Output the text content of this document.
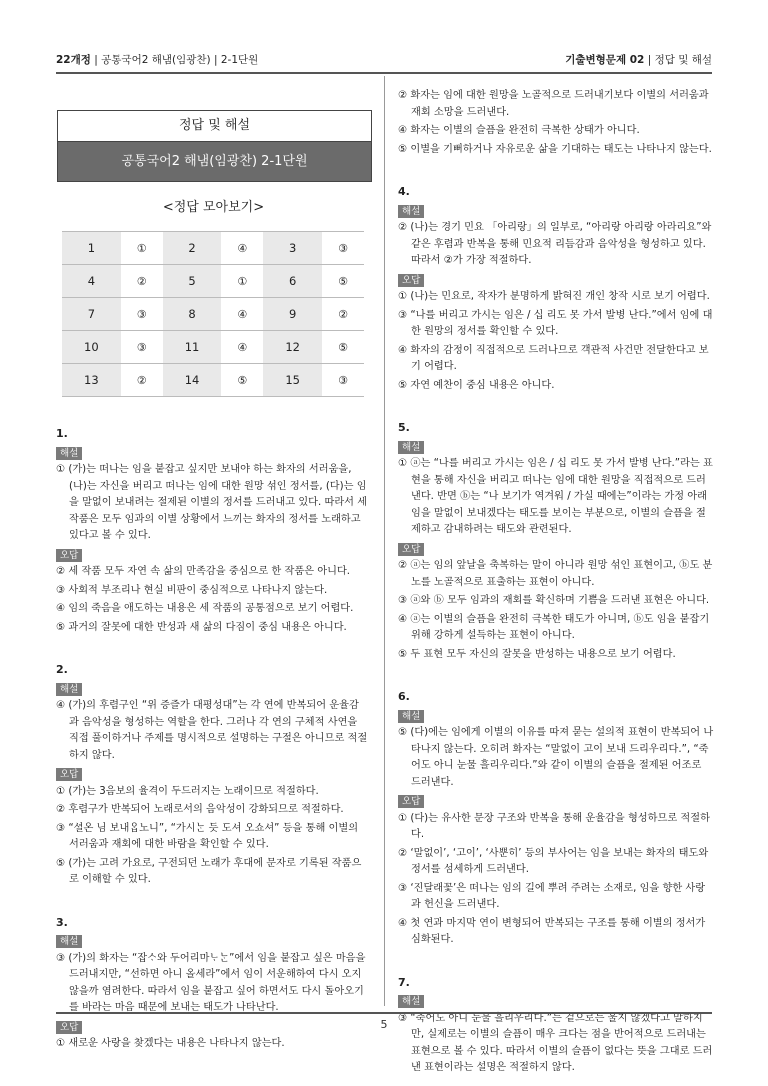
22개정 | 공통국어2 해냄(임광찬) | 2-1단원	기출변형문제 02 | 정답 및 해설
정답 및 해설
공통국어2 해냄(임광찬) 2-1단원
<정답 모아보기>
1	①	2	④	3	③
4	②	5	①	6	⑤
7	③	8	④	9	②
10	③	11	④	12	⑤
13	②	14	⑤	15	③
1.
해설
① (가)는 떠나는 임을 붙잡고 싶지만 보내야 하는 화자의 서러움을, (나)는 자신을 버리고 떠나는 임에 대한 원망 섞인 정서를, (다)는 임을 말없이 보내려는 절제된 이별의 정서를 드러내고 있다. 따라서 세 작품은 모두 임과의 이별 상황에서 느끼는 화자의 정서를 노래하고 있다고 볼 수 있다.
오답
② 세 작품 모두 자연 속 삶의 만족감을 중심으로 한 작품은 아니다.
③ 사회적 부조리나 현실 비판이 중심적으로 나타나지 않는다.
④ 임의 죽음을 애도하는 내용은 세 작품의 공통점으로 보기 어렵다.
⑤ 과거의 잘못에 대한 반성과 새 삶의 다짐이 중심 내용은 아니다.
2.
해설
④ (가)의 후렴구인 “위 증즐가 대평성대”는 각 연에 반복되어 운율감과 음악성을 형성하는 역할을 한다. 그러나 각 연의 구체적 사연을 직접 풀이하거나 주제를 명시적으로 설명하는 구절은 아니므로 적절하지 않다.
오답
① (가)는 3음보의 율격이 두드러지는 노래이므로 적절하다.
② 후렴구가 반복되어 노래로서의 음악성이 강화되므로 적절하다.
③ “셜온 님 보내ᄋᆞᆸ노니”, “가시ᄂᆞᆫ 듯 도셔 오쇼셔” 등을 통해 이별의 서러움과 재회에 대한 바람을 확인할 수 있다.
⑤ (가)는 고려 가요로, 구전되던 노래가 후대에 문자로 기록된 작품으로 이해할 수 있다.
3.
해설
③ (가)의 화자는 “잡ᄉᆞ와 두어리마ᄂᆞᄂᆞᆫ”에서 임을 붙잡고 싶은 마음을 드러내지만, “선하면 아니 올세라”에서 임이 서운해하여 다시 오지 않을까 염려한다. 따라서 임을 붙잡고 싶어 하면서도 다시 돌아오기를 바라는 마음 때문에 보내는 태도가 나타난다.
오답
① 새로운 사랑을 찾겠다는 내용은 나타나지 않는다.
② 화자는 임에 대한 원망을 노골적으로 드러내기보다 이별의 서러움과 재회 소망을 드러낸다.
④ 화자는 이별의 슬픔을 완전히 극복한 상태가 아니다.
⑤ 이별을 기뻐하거나 자유로운 삶을 기대하는 태도는 나타나지 않는다.
4.
해설
② (나)는 경기 민요 「아리랑」의 일부로, “아리랑 아리랑 아라리요”와 같은 후렴과 반복을 통해 민요적 리듬감과 음악성을 형성하고 있다. 따라서 ②가 가장 적절하다.
오답
① (나)는 민요로, 작자가 분명하게 밝혀진 개인 창작 시로 보기 어렵다.
③ “나를 버리고 가시는 임은 / 십 리도 못 가서 발병 난다.”에서 임에 대한 원망의 정서를 확인할 수 있다.
④ 화자의 감정이 직접적으로 드러나므로 객관적 사건만 전달한다고 보기 어렵다.
⑤ 자연 예찬이 중심 내용은 아니다.
5.
해설
① ⓐ는 “나를 버리고 가시는 임은 / 십 리도 못 가서 발병 난다.”라는 표현을 통해 자신을 버리고 떠나는 임에 대한 원망을 직접적으로 드러낸다. 반면 ⓑ는 “나 보기가 역겨워 / 가실 때에는”이라는 가정 아래 임을 말없이 보내겠다는 태도를 보이는 부분으로, 이별의 슬픔을 절제하고 감내하려는 태도와 관련된다.
오답
② ⓐ는 임의 앞날을 축복하는 말이 아니라 원망 섞인 표현이고, ⓑ도 분노를 노골적으로 표출하는 표현이 아니다.
③ ⓐ와 ⓑ 모두 임과의 재회를 확신하며 기쁨을 드러낸 표현은 아니다.
④ ⓐ는 이별의 슬픔을 완전히 극복한 태도가 아니며, ⓑ도 임을 붙잡기 위해 강하게 설득하는 표현이 아니다.
⑤ 두 표현 모두 자신의 잘못을 반성하는 내용으로 보기 어렵다.
6.
해설
⑤ (다)에는 임에게 이별의 이유를 따져 묻는 설의적 표현이 반복되어 나타나지 않는다. 오히려 화자는 “말없이 고이 보내 드리우리다.”, “죽어도 아니 눈물 흘리우리다.”와 같이 이별의 슬픔을 절제된 어조로 드러낸다.
오답
① (다)는 유사한 문장 구조와 반복을 통해 운율감을 형성하므로 적절하다.
② ‘말없이’, ‘고이’, ‘사뿐히’ 등의 부사어는 임을 보내는 화자의 태도와 정서를 섬세하게 드러낸다.
③ ‘진달래꽃’은 떠나는 임의 길에 뿌려 주려는 소재로, 임을 향한 사랑과 헌신을 드러낸다.
④ 첫 연과 마지막 연이 변형되어 반복되는 구조를 통해 이별의 정서가 심화된다.
7.
해설
③ “죽어도 아니 눈물 흘리우리다.”는 겉으로는 울지 않겠다고 말하지만, 실제로는 이별의 슬픔이 매우 크다는 점을 반어적으로 드러내는 표현으로 볼 수 있다. 따라서 이별의 슬픔이 없다는 뜻을 그대로 드러낸 표현이라는 설명은 적절하지 않다.
5
